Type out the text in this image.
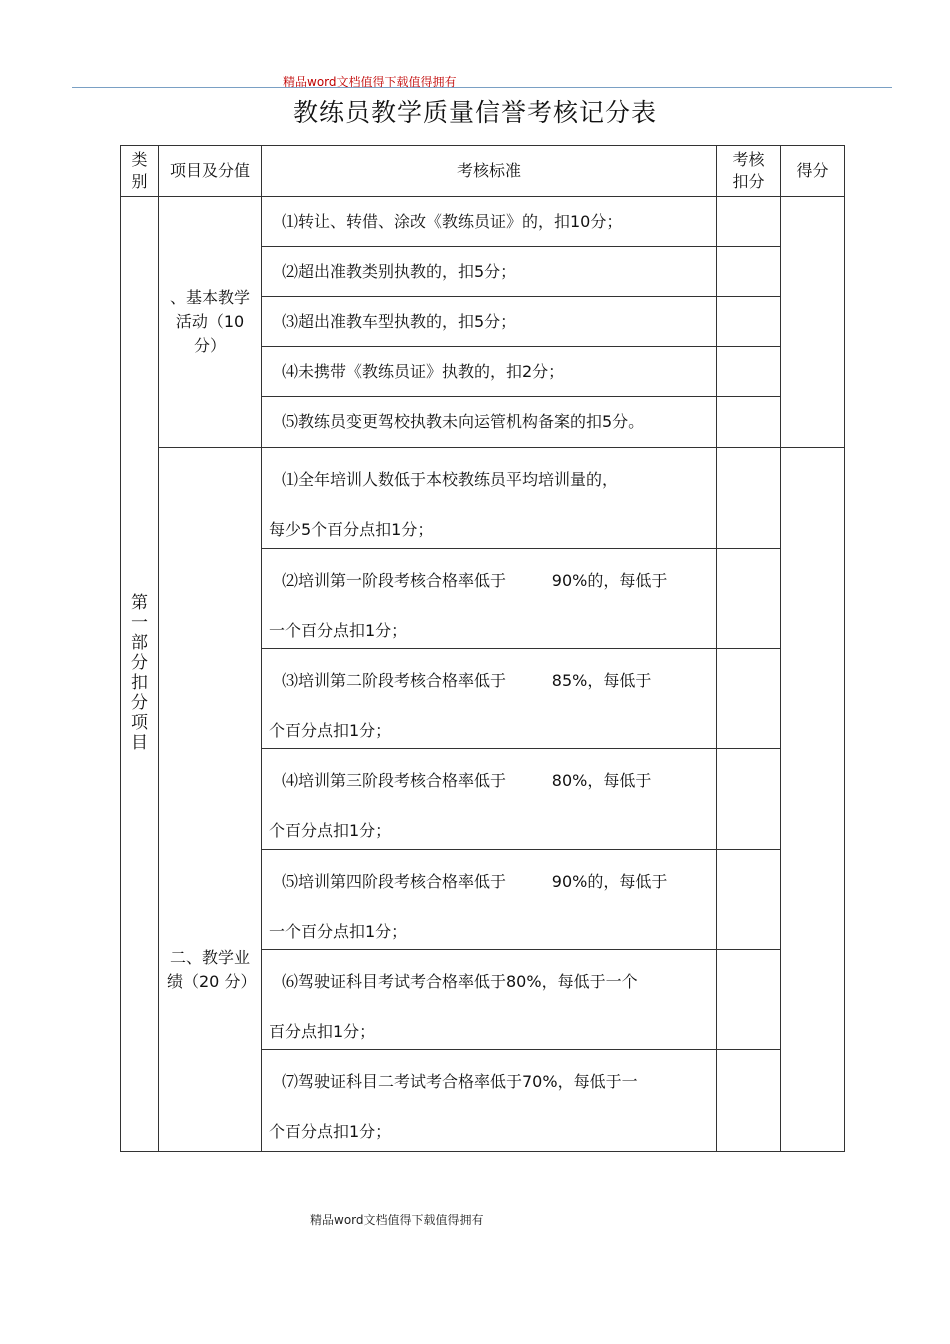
精品word文档值得下载值得拥有
教练员教学质量信誉考核记分表
类别	项目及分值	考核标准	考核扣分	得分
第一部分扣分项目	、基本教学活动（10 分）	⑴转让、转借、涂改《教练员证》的，扣10分；		
		⑵超出准教类别执教的，扣5分；		
		⑶超出准教车型执教的，扣5分；		
		⑷未携带《教练员证》执教的，扣2分；		

		⑸教练员变更驾校执教未向运管机构备案的扣5分。		

	二、教学业绩（20 分）	⑴全年培训人数低于本校教练员平均培训量的，
每少5个百分点扣1分；		

		⑵培训第一阶段考核合格率低于         90%的，每低于
一个百分点扣1分；		

		⑶培训第二阶段考核合格率低于         85%，每低于
个百分点扣1分；		

		⑷培训第三阶段考核合格率低于         80%，每低于
个百分点扣1分；		

		⑸培训第四阶段考核合格率低于         90%的，每低于
一个百分点扣1分；		

		⑹驾驶证科目考试考合格率低于80%，每低于一个
百分点扣1分；		

		⑺驾驶证科目二考试考合格率低于70%，每低于一
个百分点扣1分；		

精品word文档值得下载值得拥有
